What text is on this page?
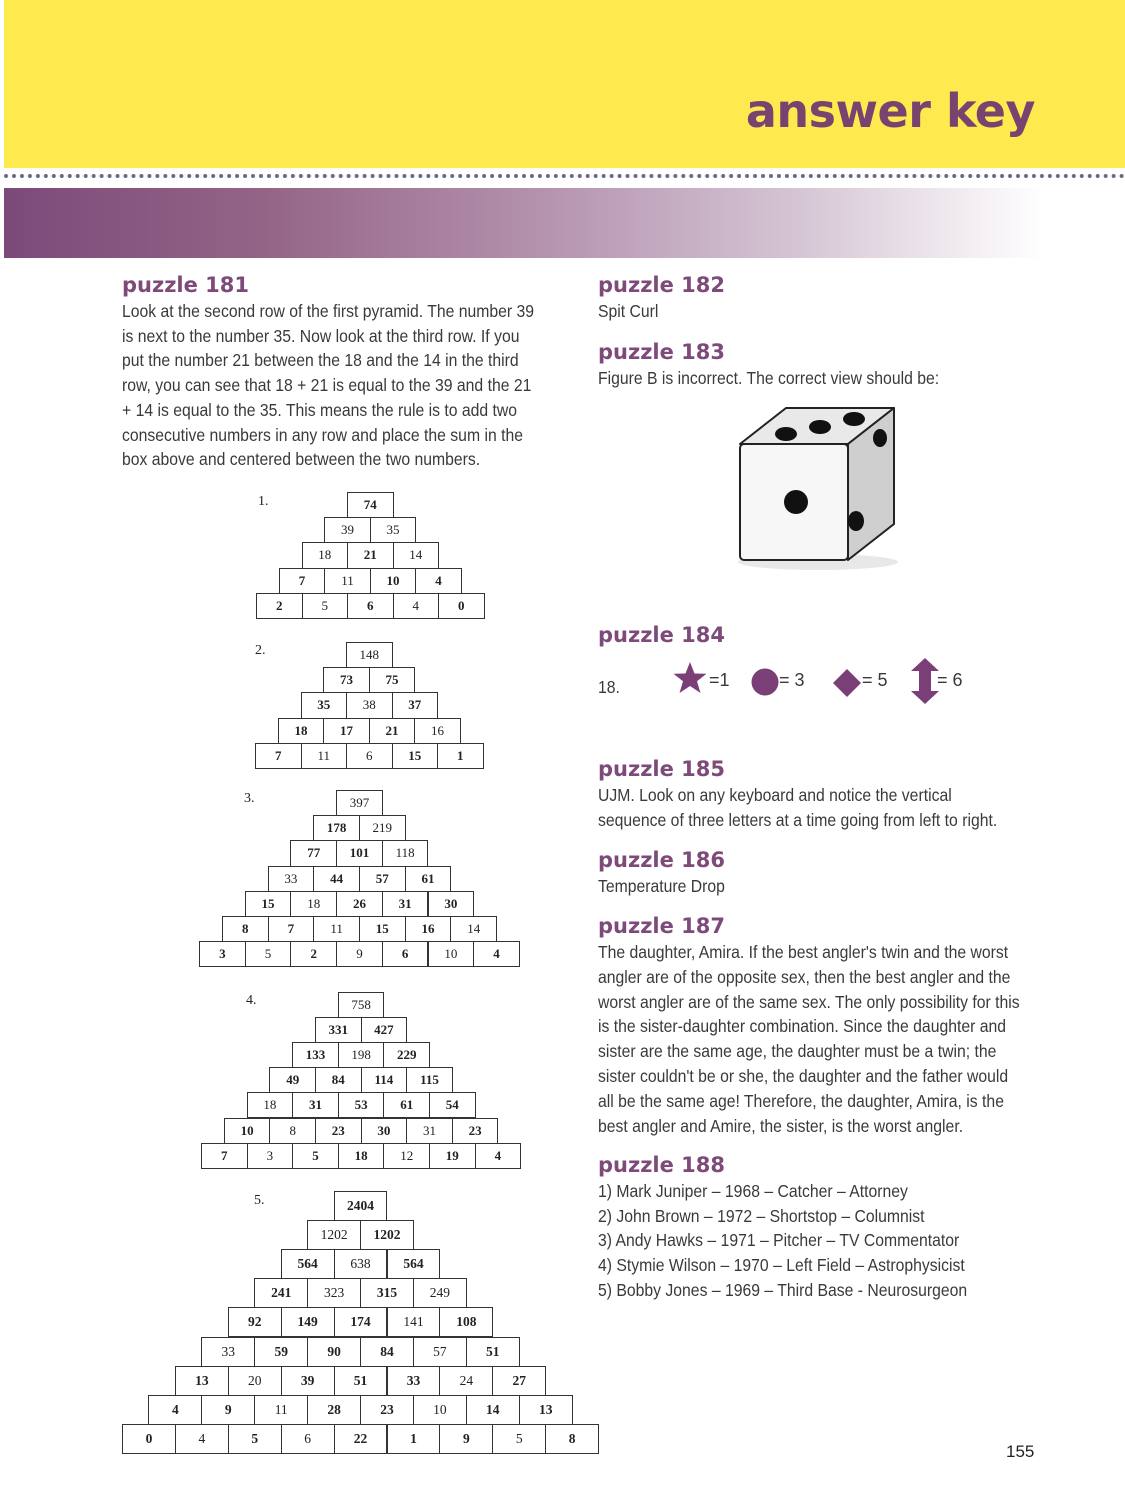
answer key
puzzle 181
Look at the second row of the first pyramid. The number 39
is next to the number 35. Now look at the third row. If you
put the number 21 between the 18 and the 14 in the third
row, you can see that 18 + 21 is equal to the 39 and the 21
+ 14 is equal to the 35. This means the rule is to add two
consecutive numbers in any row and place the sum in the
box above and centered between the two numbers.
1.	74
39	35
18	21	14
7	11	10	4
2	5	6	4	0
2.	148
73	75
35	38	37
18	17	21	16
7	11	6	15	1
3.	397
178	219
77	101	118
33	44	57	61
15	18	26	31	30
8	7	11	15	16	14
3	5	2	9	6	10	4
4.	758
331	427
133	198	229
49	84	114	115
18	31	53	61	54
10	8	23	30	31	23
7	3	5	18	12	19	4
5.	2404
1202	1202
564	638	564
241	323	315	249
92	149	174	141	108
33	59	90	84	57	51
13	20	39	51	33	24	27
4	9	11	28	23	10	14	13
0	4	5	6	22	1	9	5	8
puzzle 182
Spit Curl
puzzle 183
Figure B is incorrect. The correct view should be:
puzzle 184
18.	=1	= 3	= 5	= 6
puzzle 185
UJM. Look on any keyboard and notice the vertical
sequence of three letters at a time going from left to right.
puzzle 186
Temperature Drop
puzzle 187
The daughter, Amira. If the best angler's twin and the worst
angler are of the opposite sex, then the best angler and the
worst angler are of the same sex. The only possibility for this
is the sister-daughter combination. Since the daughter and
sister are the same age, the daughter must be a twin; the
sister couldn't be or she, the daughter and the father would
all be the same age! Therefore, the daughter, Amira, is the
best angler and Amire, the sister, is the worst angler.
puzzle 188
1) Mark Juniper – 1968 – Catcher – Attorney
2) John Brown – 1972 – Shortstop – Columnist
3) Andy Hawks – 1971 – Pitcher – TV Commentator
4) Stymie Wilson – 1970 – Left Field – Astrophysicist
5) Bobby Jones – 1969 – Third Base - Neurosurgeon
155
